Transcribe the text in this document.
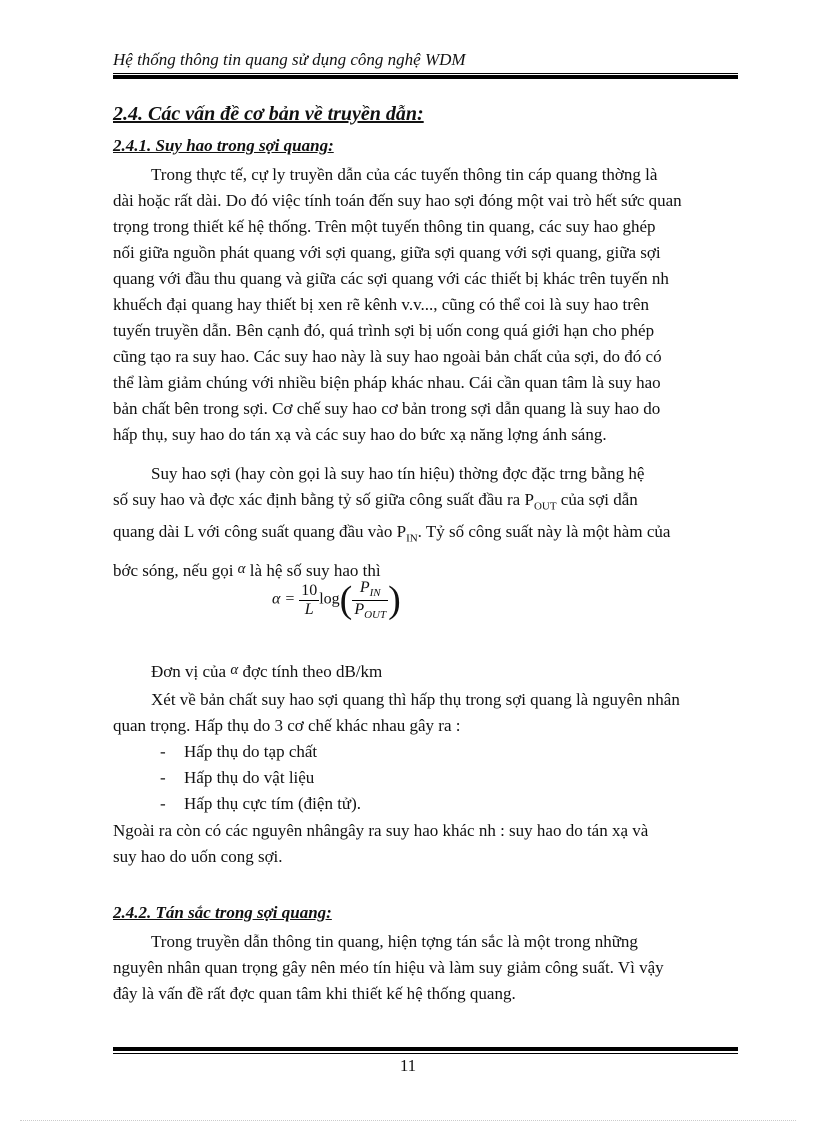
Hệ thống thông tin quang sử dụng công nghệ WDM
2.4. Các vấn đề cơ bản về truyền dẫn:
2.4.1. Suy hao trong sợi quang:
Trong thực tế, cự ly truyền dẫn của các tuyến thông tin cáp quang thờng là
dài hoặc rất dài. Do đó việc tính toán đến suy hao sợi đóng một vai trò hết sức quan
trọng trong thiết kế hệ thống. Trên một tuyến thông tin quang, các suy hao ghép
nối giữa nguồn phát quang với sợi quang, giữa sợi quang với sợi quang, giữa sợi
quang với đầu thu quang và giữa các sợi quang với các thiết bị khác trên tuyến nh
khuếch đại quang hay thiết bị xen rẽ kênh v.v..., cũng có thể coi là suy hao trên
tuyến truyền dẫn. Bên cạnh đó, quá trình sợi bị uốn cong quá giới hạn cho phép
cũng tạo ra suy hao. Các suy hao này là suy hao ngoài bản chất của sợi, do đó có
thể làm giảm chúng với nhiều biện pháp khác nhau. Cái cần quan tâm là suy hao
bản chất bên trong sợi. Cơ chế suy hao cơ bản trong sợi dẫn quang là suy hao do
hấp thụ, suy hao do tán xạ và các suy hao do bức xạ năng lợng ánh sáng.
Suy hao sợi (hay còn gọi là suy hao tín hiệu) thờng đợc đặc trng bằng hệ
số suy hao và đợc xác định bằng tỷ số giữa công suất đầu ra $P_{OUT}$ của sợi dẫn
quang dài L với công suất quang đầu vào $P_{IN}$. Tỷ số công suất này là một hàm của
bớc sóng, nếu gọi α là hệ số suy hao thì
$\alpha = \frac{10}{L} \log( \frac{P_{IN}}{P_{OUT}}$ )
Đơn vị của α đợc tính theo dB/km
Xét về bản chất suy hao sợi quang thì hấp thụ trong sợi quang là nguyên nhân
quan trọng. Hấp thụ do 3 cơ chế khác nhau gây ra :
- Hấp thụ do tạp chất
- Hấp thụ do vật liệu
- Hấp thụ cực tím (điện tử).
Ngoài ra còn có các nguyên nhângây ra suy hao khác nh : suy hao do tán xạ và
suy hao do uốn cong sợi.
2.4.2. Tán sắc trong sợi quang:
Trong truyền dẫn thông tin quang, hiện tợng tán sắc là một trong những
nguyên nhân quan trọng gây nên méo tín hiệu và làm suy giảm công suất. Vì vậy
đây là vấn đề rất đợc quan tâm khi thiết kế hệ thống quang.
11
